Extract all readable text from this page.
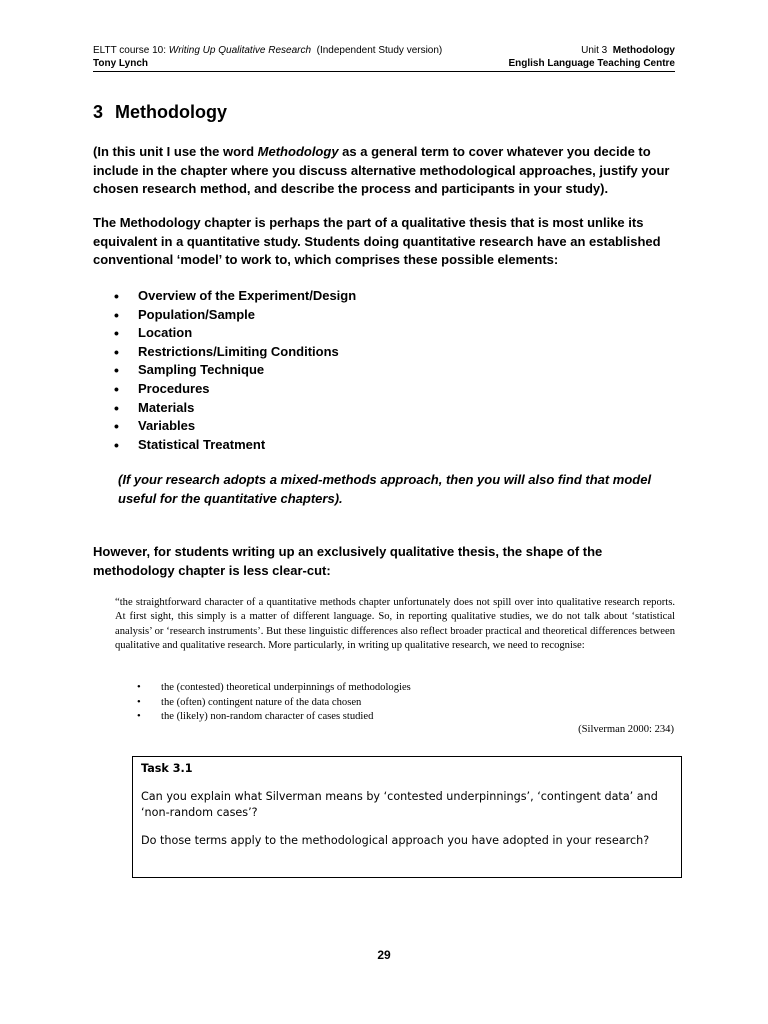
ELTT course 10: Writing Up Qualitative Research  (Independent Study version)	Unit 3  Methodology
Tony Lynch	English Language Teaching Centre
3 Methodology
(In this unit I use the word Methodology as a general term to cover whatever you decide to include in the chapter where you discuss alternative methodological approaches, justify your chosen research method, and describe the process and participants in your study).
The Methodology chapter is perhaps the part of a qualitative thesis that is most unlike its equivalent in a quantitative study. Students doing quantitative research have an established conventional ‘model’ to work to, which comprises these possible elements:
• Overview of the Experiment/Design
• Population/Sample
• Location
• Restrictions/Limiting Conditions
• Sampling Technique
• Procedures
• Materials
• Variables
• Statistical Treatment
(If your research adopts a mixed-methods approach, then you will also find that model useful for the quantitative chapters).
However, for students writing up an exclusively qualitative thesis, the shape of the methodology chapter is less clear-cut:
“the straightforward character of a quantitative methods chapter unfortunately does not spill over into qualitative research reports. At first sight, this simply is a matter of different language. So, in reporting qualitative studies, we do not talk about ‘statistical analysis’ or ‘research instruments’. But these linguistic differences also reflect broader practical and theoretical differences between qualitative and qualitative research. More particularly, in writing up qualitative research, we need to recognise:
• the (contested) theoretical underpinnings of methodologies
• the (often) contingent nature of the data chosen
• the (likely) non-random character of cases studied
(Silverman 2000: 234)
Task 3.1

Can you explain what Silverman means by ‘contested underpinnings’, ‘contingent data’ and ‘non-random cases’?

Do those terms apply to the methodological approach you have adopted in your research?

29
